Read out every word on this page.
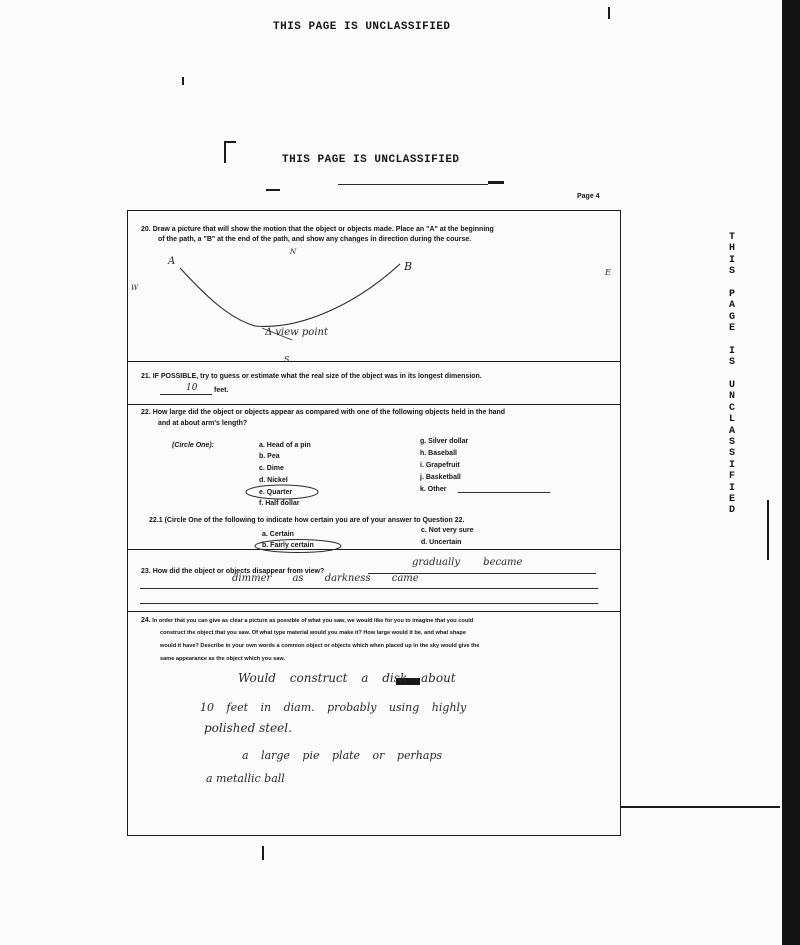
THIS PAGE IS UNCLASSIFIED
THIS PAGE IS UNCLASSIFIED
Page 4
T
H
I
S

P
A
G
E

I
S

U
N
C
L
A
S
S
I
F
I
E
D
20. Draw a picture that will show the motion that the object or objects made. Place an "A" at the beginning
of the path, a "B" at the end of the path, and show any changes in direction during the course.
A	B
N
W
E
S
Δ view point
21. IF POSSIBLE, try to guess or estimate what the real size of the object was in its longest dimension.
10 feet.
22. How large did the object or objects appear as compared with one of the following objects held in the hand
and at about arm's length?
(Circle One):	a. Head of a pin
b. Pea
c. Dime
d. Nickel
e. Quarter
f. Half dollar
g. Silver dollar
h. Baseball
i. Grapefruit
j. Basketball
k. Other
22.1 (Circle One of the following to indicate how certain you are of your answer to Question 22.
a. Certain
b. Fairly certain
c. Not very sure
d. Uncertain
23. How did the object or objects disappear from view?
gradually became
dimmer as darkness came
24. In order that you can give as clear a picture as possible of what you saw, we would like for you to imagine that you could
construct the object that you saw. Of what type material would you make it? How large would it be, and what shape
would it have? Describe in your own words a common object or objects which when placed up in the sky would give the
same appearance as the object which you saw.
Would construct a disk about
10 feet in diam. probably using highly
polished steel.
a large pie plate or perhaps
a metallic ball
